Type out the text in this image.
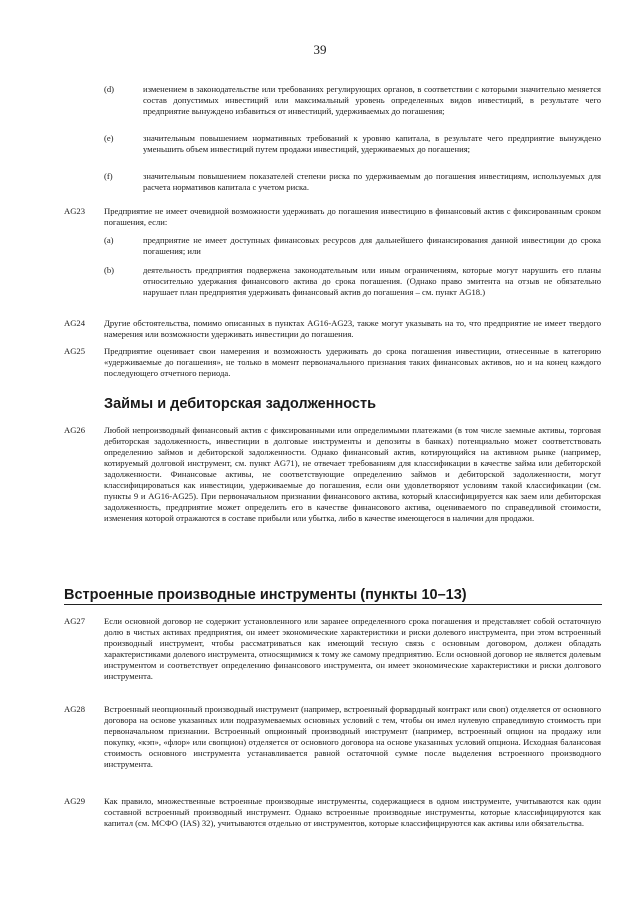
39
(d)	изменением в законодательстве или требованиях регулирующих органов, в соответствии с которыми значительно меняется состав допустимых инвестиций или максимальный уровень определенных видов инвестиций, в результате чего предприятие вынуждено избавиться от инвестиций, удерживаемых до погашения;
(e)	значительным повышением нормативных требований к уровню капитала, в результате чего предприятие вынуждено уменьшить объем инвестиций путем продажи инвестиций, удерживаемых до погашения;
(f)	значительным повышением показателей степени риска по удерживаемым до погашения инвестициям, используемых для расчета нормативов капитала с учетом риска.
AG23 Предприятие не имеет очевидной возможности удерживать до погашения инвестицию в финансовый актив с фиксированным сроком погашения, если:
(a)	предприятие не имеет доступных финансовых ресурсов для дальнейшего финансирования данной инвестиции до срока погашения; или
(b)	деятельность предприятия подвержена законодательным или иным ограничениям, которые могут нарушить его планы относительно удержания финансового актива до срока погашения. (Однако право эмитента на отзыв не обязательно нарушает план предприятия удерживать финансовый актив до погашения – см. пункт AG18.)
AG24 Другие обстоятельства, помимо описанных в пунктах AG16-AG23, также могут указывать на то, что предприятие не имеет твердого намерения или возможности удерживать инвестиции до погашения.
AG25 Предприятие оценивает свои намерения и возможность удерживать до срока погашения инвестиции, отнесенные в категорию «удерживаемые до погашения», не только в момент первоначального признания таких финансовых активов, но и на конец каждого последующего отчетного периода.
Займы и дебиторская задолженность
AG26 Любой непроизводный финансовый актив с фиксированными или определимыми платежами (в том числе заемные активы, торговая дебиторская задолженность, инвестиции в долговые инструменты и депозиты в банках) потенциально может соответствовать определению займов и дебиторской задолженности. Однако финансовый актив, котирующийся на активном рынке (например, котируемый долговой инструмент, см. пункт AG71), не отвечает требованиям для классификации в качестве займа или дебиторской задолженности. Финансовые активы, не соответствующие определению займов и дебиторской задолженности, могут классифицироваться как инвестиции, удерживаемые до погашения, если они удовлетворяют условиям такой классификации (см. пункты 9 и AG16-AG25). При первоначальном признании финансового актива, который классифицируется как заем или дебиторская задолженность, предприятие может определить его в качестве финансового актива, оцениваемого по справедливой стоимости, изменения которой отражаются в составе прибыли или убытка, либо в качестве имеющегося в наличии для продажи.
Встроенные производные инструменты (пункты 10–13)
AG27 Если основной договор не содержит установленного или заранее определенного срока погашения и представляет собой остаточную долю в чистых активах предприятия, он имеет экономические характеристики и риски долевого инструмента, при этом встроенный производный инструмент, чтобы рассматриваться как имеющий тесную связь с основным договором, должен обладать характеристиками долевого инструмента, относящимися к тому же самому предприятию. Если основной договор не является долевым инструментом и соответствует определению финансового инструмента, он имеет экономические характеристики и риски долгового инструмента.
AG28 Встроенный неопционный производный инструмент (например, встроенный форвардный контракт или своп) отделяется от основного договора на основе указанных или подразумеваемых основных условий с тем, чтобы он имел нулевую справедливую стоимость при первоначальном признании. Встроенный опционный производный инструмент (например, встроенный опцион на продажу или покупку, «кэп», «флор» или свопцион) отделяется от основного договора на основе указанных условий опциона. Исходная балансовая стоимость основного инструмента устанавливается равной остаточной сумме после выделения встроенного производного инструмента.
AG29 Как правило, множественные встроенные производные инструменты, содержащиеся в одном инструменте, учитываются как один составной встроенный производный инструмент. Однако встроенные производные инструменты, которые классифицируются как капитал (см. МСФО (IAS) 32), учитываются отдельно от инструментов, которые классифицируются как активы или обязательства.
